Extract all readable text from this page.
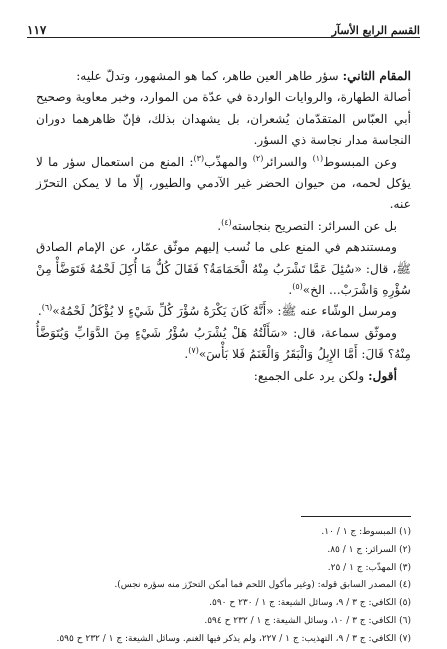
القسم الرابع الأسآر
١١٧

المقام الثاني: سؤر طاهر العين طاهر، كما هو المشهور، وتدلّ عليه:

أصالة الطهارة، والروايات الواردة في عدّة من الموارد، وخبر معاوية وصحيح أبي العبّاس المتقدّمان يُشعران، بل يشهدان بذلك، فإنّ ظاهرهما دوران النجاسة مدار نجاسة ذي السؤر.

وعن المبسوط$^{(١)}$ والسرائر$^{(٢)}$ والمهذّب$^{(٣)}$: المنع من استعمال سؤر ما لا يؤكل لحمه، من حيوان الحضر غير الآدمي والطيور، إلّا ما لا يمكن التحرّز عنه.

بل عن السرائر: التصريح بنجاسته$^{(٤)}$.

ومستندهم في المنع على ما نُسب إليهم موثّق عمّار، عن الإمام الصادق ﷺ، قال: «سُئِلَ عَمَّا تَشْرَبُ مِنْهُ الْحَمَامَةُ؟ فَقَالَ كُلُّ مَا أُكِلَ لَحْمُهُ فَتَوَضَّأْ مِنْ سُؤْرِهِ وَاشْرَبْ... الخ»$^{(٥)}$.

ومرسل الوشّاء عنه ﷺ: «أَنَّهُ كَانَ يَكْرَهُ سُؤْرَ كُلِّ شَيْءٍ لا يُؤْكَلُ لَحْمُهُ»$^{(٦)}$.

وموثّق سماعة، قال: «سَأَلْتُهُ هَلْ يُشْرَبُ سُؤْرُ شَيْءٍ مِنَ الدَّوَابِّ وَيُتَوَضَّأُ مِنْهُ؟ قَالَ: أَمَّا الإِبِلُ وَالْبَقَرُ وَالْغَنَمُ فَلا بَأْسَ»$^{(٧)}$.

أقول: ولكن يرد على الجميع:

(١) المبسوط: ج ١ / ١٠.
(٢) السرائر: ج ١ / ٨٥.
(٣) المهذّب: ج ١ / ٢٥.
(٤) المصدر السابق قوله: (وغير مأكول اللحم فما أمكن التحرّز منه سؤره نجس).
(٥) الكافي: ج ٣ / ٩، وسائل الشيعة: ج ١ / ٢٣٠ ح ٥٩٠.
(٦) الكافي: ج ٣ / ١٠، وسائل الشيعة: ج ١ / ٢٣٢ ح ٥٩٤.
(٧) الكافي: ج ٣ / ٩، التهذيب: ج ١ / ٢٢٧، ولم يذكر فيها الغنم. وسائل الشيعة: ج ١ / ٢٣٢ ح ٥٩٥.
